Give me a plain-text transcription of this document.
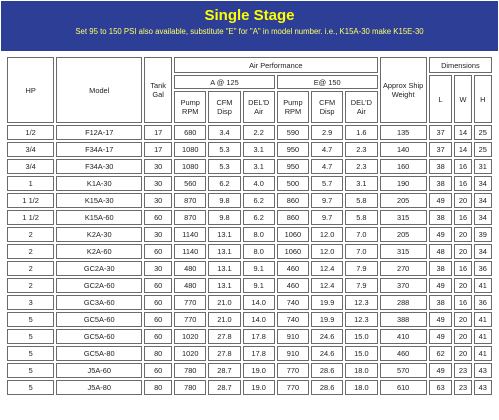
Single Stage
Set 95 to 150 PSI also available, substitute "E" for "A" in model number. i.e., K15A-30 make K15E-30
HP	Model	Tank Gal	Air Performance						Approx Ship Weight	Dimensions		
			A @ 125			E@ 150				L	W	H
			Pump RPM	CFM Disp	DEL'D Air	Pump RPM	CFM Disp	DEL'D Air				
1/2	F12A-17	17	680	3.4	2.2	590	2.9	1.6	135	37	14	25
3/4	F34A-17	17	1080	5.3	3.1	950	4.7	2.3	140	37	14	25
3/4	F34A-30	30	1080	5.3	3.1	950	4.7	2.3	160	38	16	31
1	K1A-30	30	560	6.2	4.0	500	5.7	3.1	190	38	16	34
1 1/2	K15A-30	30	870	9.8	6.2	860	9.7	5.8	205	49	20	34
1 1/2	K15A-60	60	870	9.8	6.2	860	9.7	5.8	315	38	16	34
2	K2A-30	30	1140	13.1	8.0	1060	12.0	7.0	205	49	20	39
2	K2A-60	60	1140	13.1	8.0	1060	12.0	7.0	315	48	20	34
2	GC2A-30	30	480	13.1	9.1	460	12.4	7.9	270	38	16	36
2	GC2A-60	60	480	13.1	9.1	460	12.4	7.9	370	49	20	41
3	GC3A-60	60	770	21.0	14.0	740	19.9	12.3	288	38	16	36
5	GC5A-60	60	770	21.0	14.0	740	19.9	12.3	388	49	20	41
5	GC5A-60	60	1020	27.8	17.8	910	24.6	15.0	410	49	20	41
5	GC5A-80	80	1020	27.8	17.8	910	24.6	15.0	460	62	20	41
5	J5A-60	60	780	28.7	19.0	770	28.6	18.0	570	49	23	43
5	J5A-80	80	780	28.7	19.0	770	28.6	18.0	610	63	23	43
